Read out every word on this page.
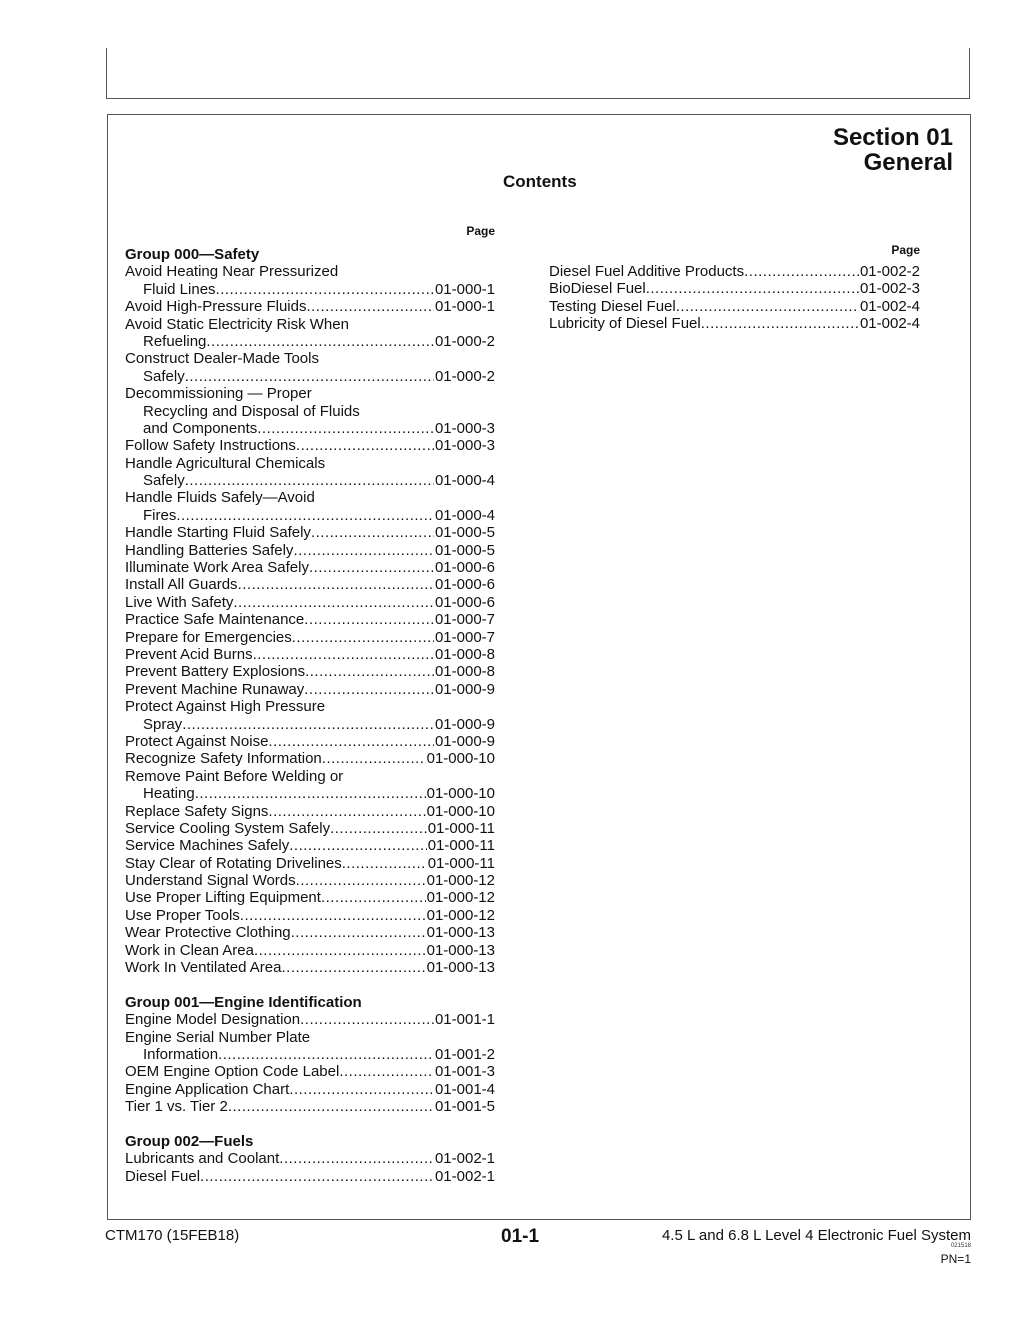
Section 01
General
Contents
Page
Group 000—Safety
Avoid Heating Near Pressurized
Fluid Lines .....	01-000-1
Avoid High-Pressure Fluids .....	01-000-1
Avoid Static Electricity Risk When
Refueling .....	01-000-2
Construct Dealer-Made Tools
Safely .....	01-000-2
Decommissioning — Proper
Recycling and Disposal of Fluids
and Components .....	01-000-3
Follow Safety Instructions .....	01-000-3
Handle Agricultural Chemicals
Safely .....	01-000-4
Handle Fluids Safely—Avoid
Fires .....	01-000-4
Handle Starting Fluid Safely .....	01-000-5
Handling Batteries Safely .....	01-000-5
Illuminate Work Area Safely .....	01-000-6
Install All Guards .....	01-000-6
Live With Safety .....	01-000-6
Practice Safe Maintenance .....	01-000-7
Prepare for Emergencies .....	01-000-7
Prevent Acid Burns .....	01-000-8
Prevent Battery Explosions .....	01-000-8
Prevent Machine Runaway .....	01-000-9
Protect Against High Pressure
Spray .....	01-000-9
Protect Against Noise .....	01-000-9
Recognize Safety Information .....	01-000-10
Remove Paint Before Welding or
Heating .....	01-000-10
Replace Safety Signs .....	01-000-10
Service Cooling System Safely .....	01-000-11
Service Machines Safely .....	01-000-11
Stay Clear of Rotating Drivelines .....	01-000-11
Understand Signal Words .....	01-000-12
Use Proper Lifting Equipment .....	01-000-12
Use Proper Tools .....	01-000-12
Wear Protective Clothing .....	01-000-13
Work in Clean Area .....	01-000-13
Work In Ventilated Area .....	01-000-13
Group 001—Engine Identification
Engine Model Designation .....	01-001-1
Engine Serial Number Plate
Information .....	01-001-2
OEM Engine Option Code Label .....	01-001-3
Engine Application Chart .....	01-001-4
Tier 1 vs. Tier 2 .....	01-001-5
Group 002—Fuels
Lubricants and Coolant .....	01-002-1
Diesel Fuel .....	01-002-1
Page
Diesel Fuel Additive Products .....	01-002-2
BioDiesel Fuel .....	01-002-3
Testing Diesel Fuel .....	01-002-4
Lubricity of Diesel Fuel .....	01-002-4
CTM170 (15FEB18)	01-1	4.5 L and 6.8 L Level 4 Electronic Fuel System
021518
PN=1
